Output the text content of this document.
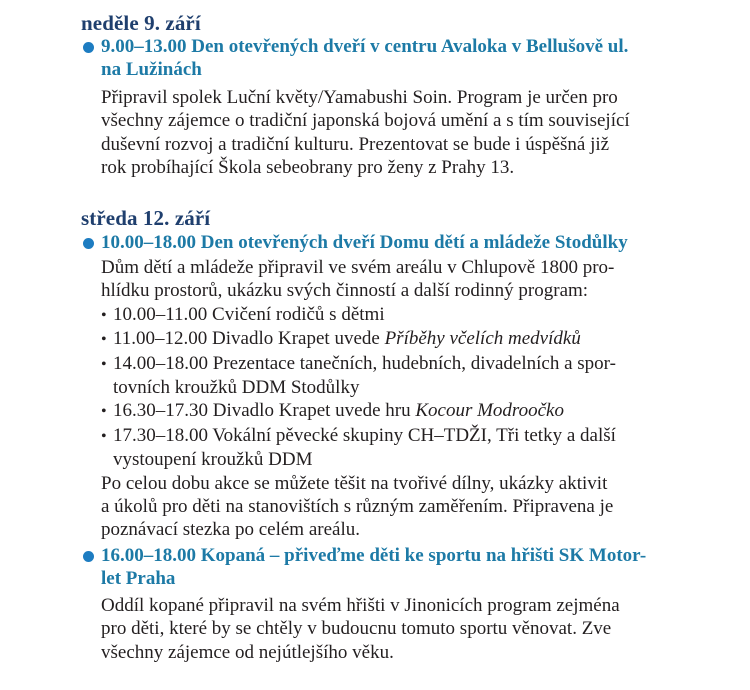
neděle 9. září
9.00–13.00 Den otevřených dveří v centru Avaloka v Bellušově ul.
na Lužinách
Připravil spolek Luční květy/Yamabushi Soin. Program je určen pro
všechny zájemce o tradiční japonská bojová umění a s tím související
duševní rozvoj a tradiční kulturu. Prezentovat se bude i úspěšná již
rok probíhající Škola sebeobrany pro ženy z Prahy 13.
středa 12. září
10.00–18.00 Den otevřených dveří Domu dětí a mládeže Stodůlky
Dům dětí a mládeže připravil ve svém areálu v Chlupově 1800 pro-
hlídku prostorů, ukázku svých činností a další rodinný program:
• 10.00–11.00 Cvičení rodičů s dětmi
• 11.00–12.00 Divadlo Krapet uvede Příběhy včelích medvídků
• 14.00–18.00 Prezentace tanečních, hudebních, divadelních a spor-
tovních kroužků DDM Stodůlky
• 16.30–17.30 Divadlo Krapet uvede hru Kocour Modroočko
• 17.30–18.00 Vokální pěvecké skupiny CH–TDŽI, Tři tetky a další
vystoupení kroužků DDM
Po celou dobu akce se můžete těšit na tvořivé dílny, ukázky aktivit
a úkolů pro děti na stanovištích s různým zaměřením. Připravena je
poznávací stezka po celém areálu.
16.00–18.00 Kopaná – přiveďme děti ke sportu na hřišti SK Motor-
let Praha
Oddíl kopané připravil na svém hřišti v Jinonicích program zejména
pro děti, které by se chtěly v budoucnu tomuto sportu věnovat. Zve
všechny zájemce od nejútlejšího věku.
